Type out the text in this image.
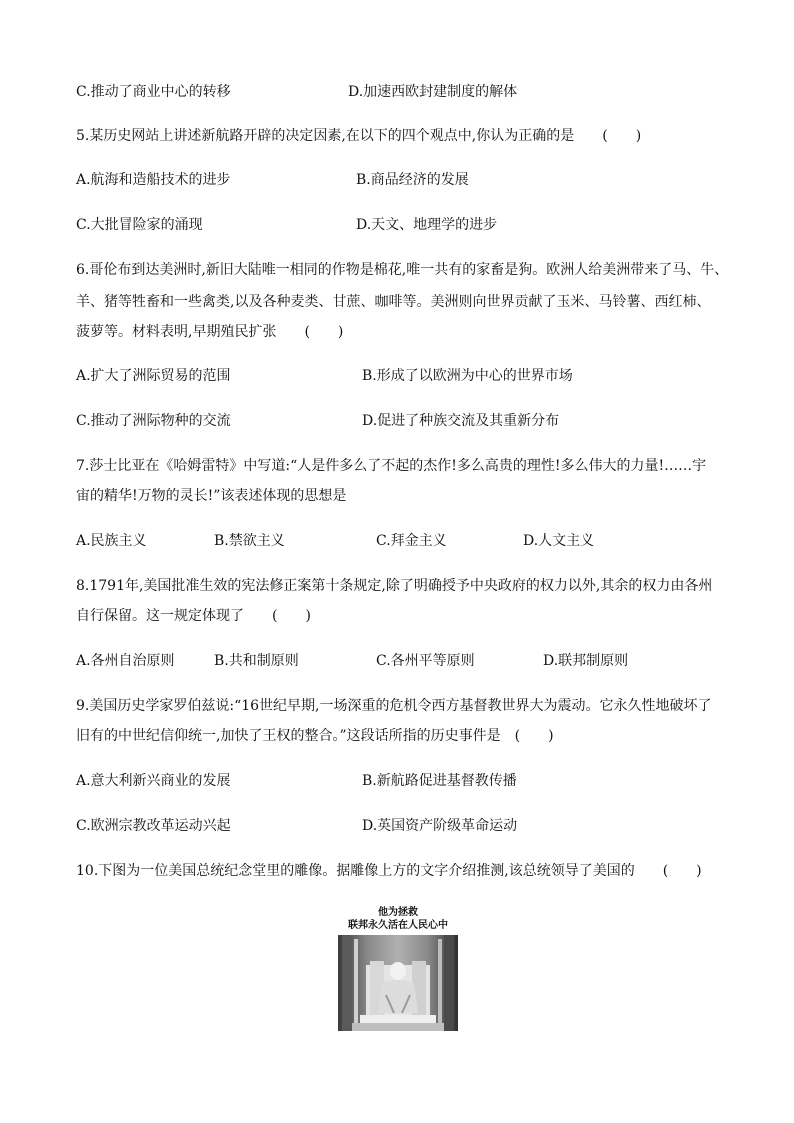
C.推动了商业中心的转移	D.加速西欧封建制度的解体
5.某历史网站上讲述新航路开辟的决定因素,在以下的四个观点中,你认为正确的是　　(　　)
A.航海和造船技术的进步	B.商品经济的发展
C.大批冒险家的涌现	D.天文、地理学的进步
6.哥伦布到达美洲时,新旧大陆唯一相同的作物是棉花,唯一共有的家畜是狗。欧洲人给美洲带来了马、牛、
羊、猪等牲畜和一些禽类,以及各种麦类、甘蔗、咖啡等。美洲则向世界贡献了玉米、马铃薯、西红柿、
菠萝等。材料表明,早期殖民扩张　　(　　)
A.扩大了洲际贸易的范围	B.形成了以欧洲为中心的世界市场
C.推动了洲际物种的交流	D.促进了种族交流及其重新分布
7.莎士比亚在《哈姆雷特》中写道:“人是件多么了不起的杰作!多么高贵的理性!多么伟大的力量!……宇
宙的精华!万物的灵长!”该表述体现的思想是
A.民族主义	B.禁欲主义	C.拜金主义	D.人文主义
8.1791年,美国批准生效的宪法修正案第十条规定,除了明确授予中央政府的权力以外,其余的权力由各州
自行保留。这一规定体现了　　(　　)
A.各州自治原则	B.共和制原则	C.各州平等原则	D.联邦制原则
9.美国历史学家罗伯兹说:“16世纪早期,一场深重的危机令西方基督教世界大为震动。它永久性地破坏了
旧有的中世纪信仰统一,加快了王权的整合。”这段话所指的历史事件是　(　　)
A.意大利新兴商业的发展	B.新航路促进基督教传播
C.欧洲宗教改革运动兴起	D.英国资产阶级革命运动
10.下图为一位美国总统纪念堂里的雕像。据雕像上方的文字介绍推测,该总统领导了美国的　　(　　)
他为拯救
联邦永久活在人民心中
